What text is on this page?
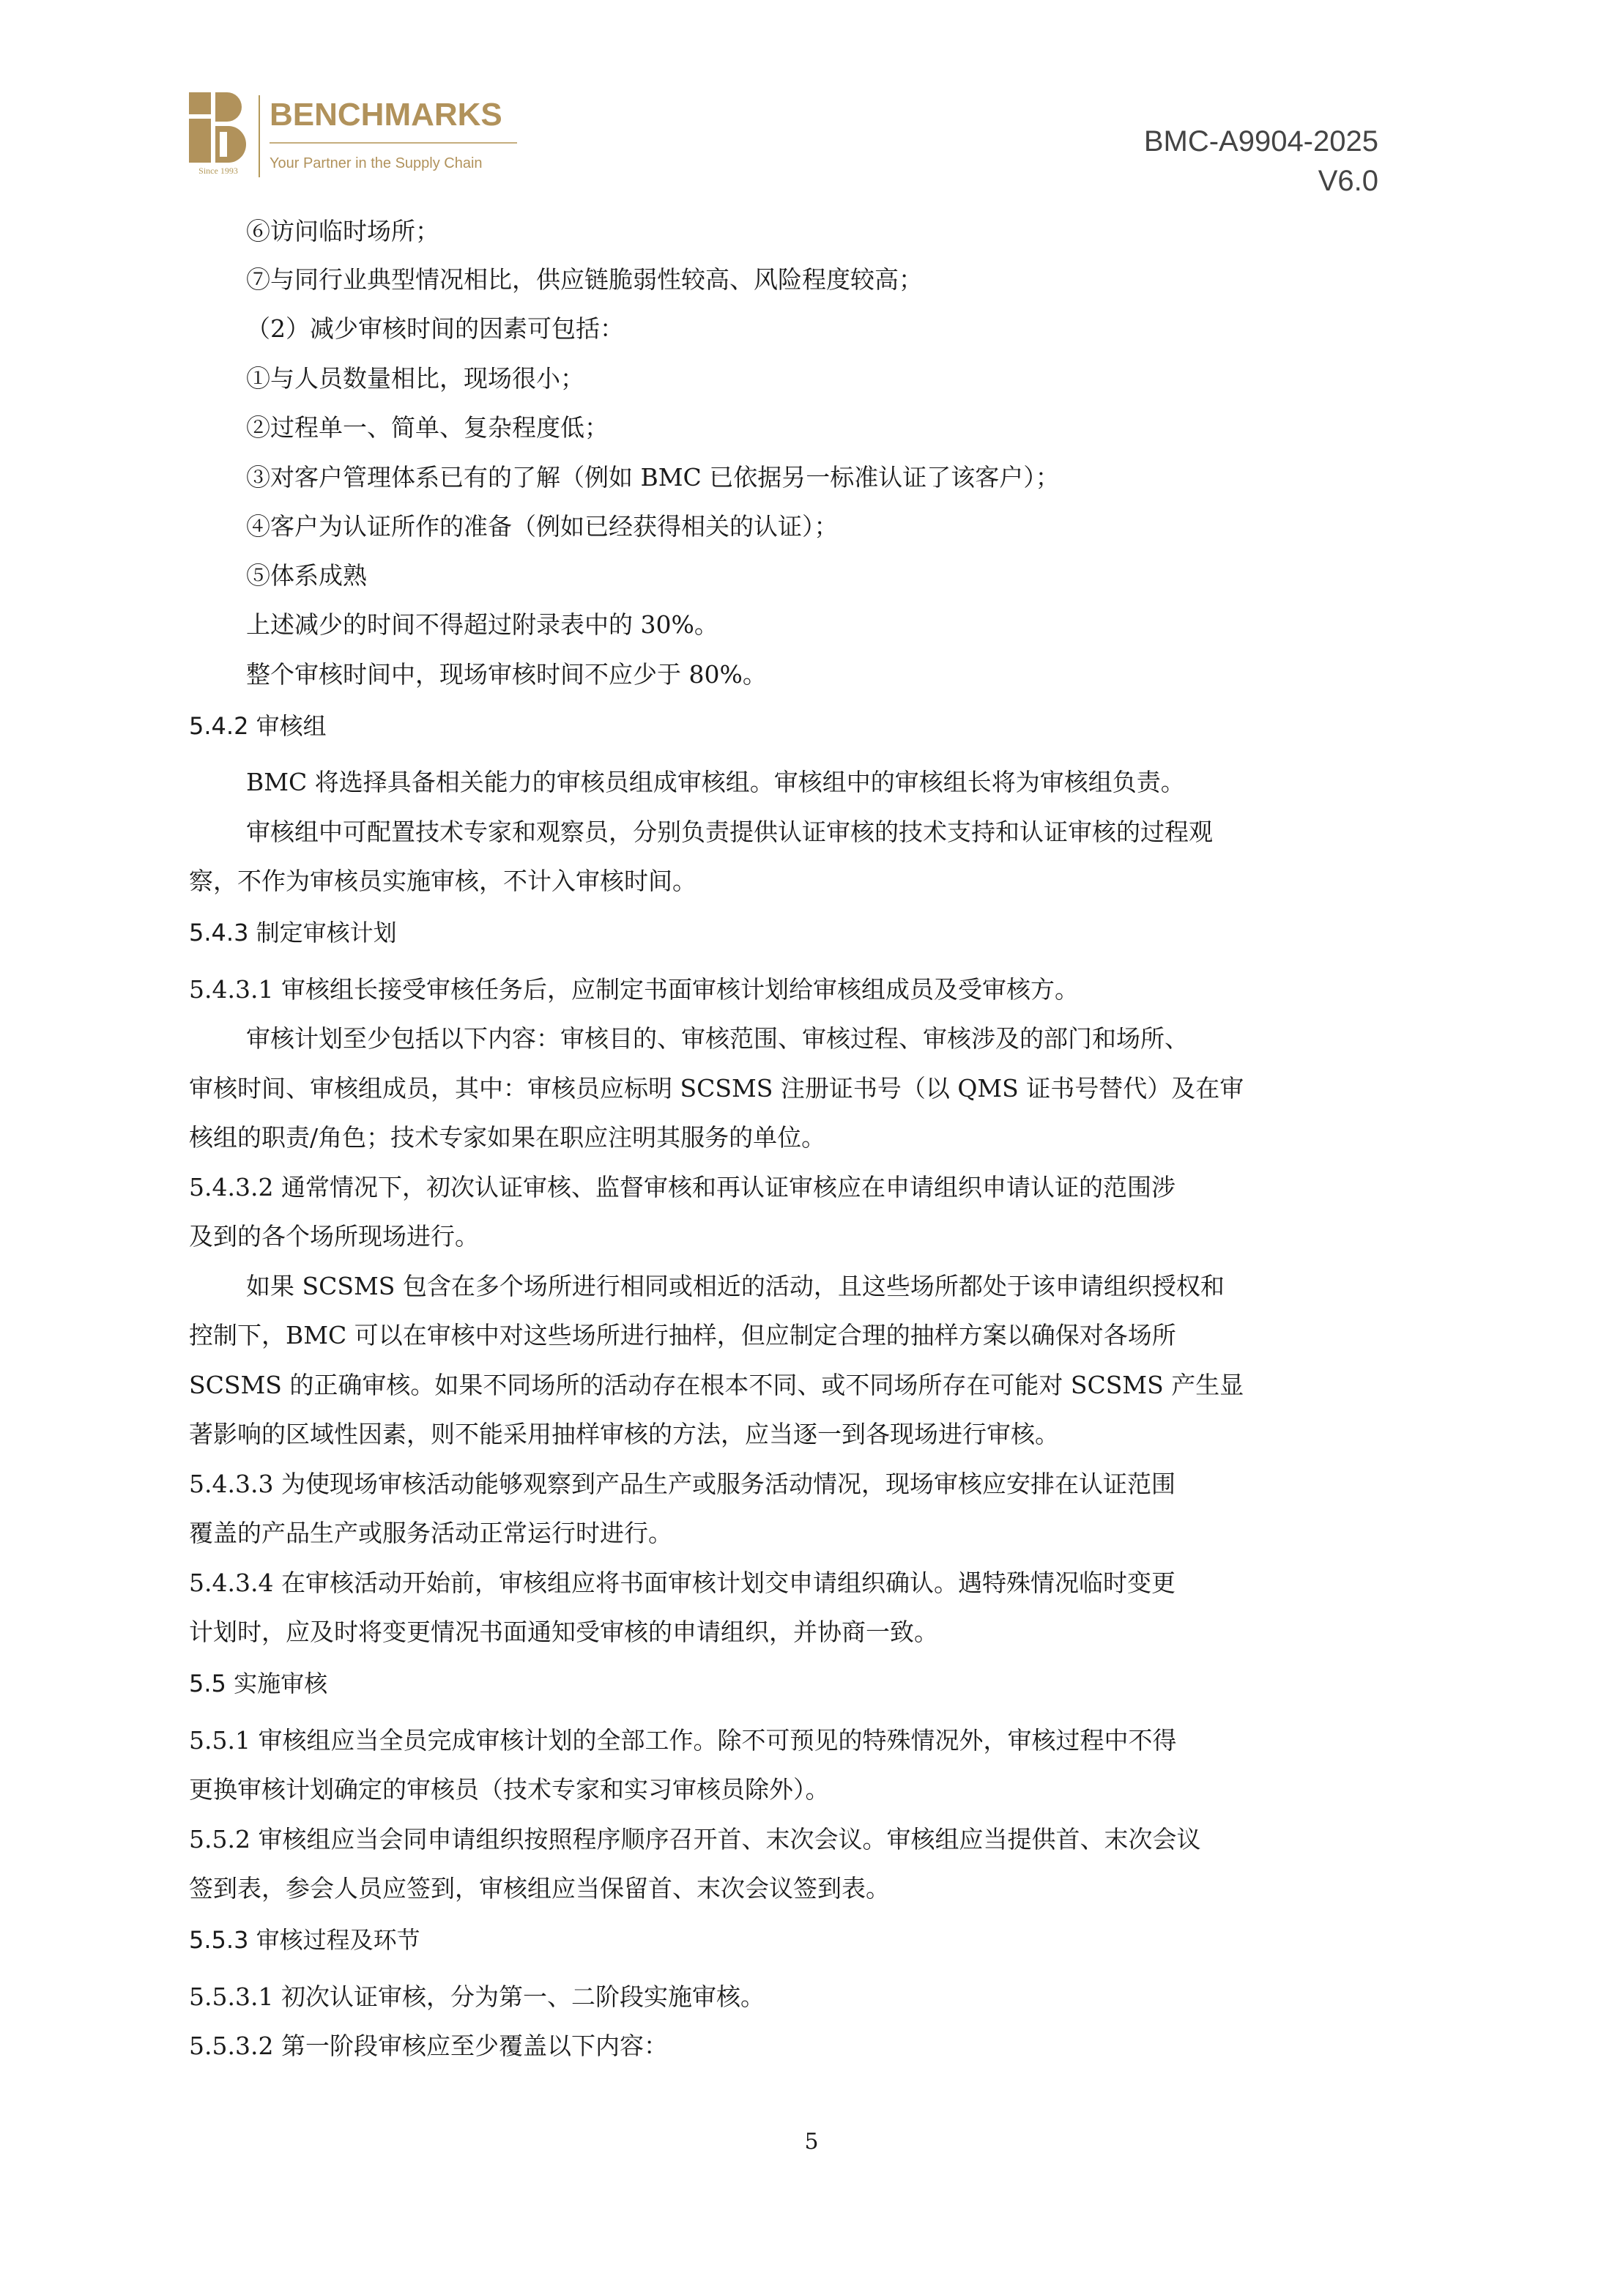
Since 1993
BENCHMARKS
Your Partner in the Supply Chain
BMC-A9904-2025
V6.0
⑥访问临时场所；
⑦与同行业典型情况相比，供应链脆弱性较高、风险程度较高；
（2）减少审核时间的因素可包括：
①与人员数量相比，现场很小；
②过程单一、简单、复杂程度低；
③对客户管理体系已有的了解（例如 BMC 已依据另一标准认证了该客户）；
④客户为认证所作的准备（例如已经获得相关的认证）；
⑤体系成熟
上述减少的时间不得超过附录表中的 30%。
整个审核时间中，现场审核时间不应少于 80%。
5.4.2 审核组
BMC 将选择具备相关能力的审核员组成审核组。审核组中的审核组长将为审核组负责。
审核组中可配置技术专家和观察员，分别负责提供认证审核的技术支持和认证审核的过程观
察，不作为审核员实施审核，不计入审核时间。
5.4.3 制定审核计划
5.4.3.1 审核组长接受审核任务后，应制定书面审核计划给审核组成员及受审核方。
审核计划至少包括以下内容：审核目的、审核范围、审核过程、审核涉及的部门和场所、
审核时间、审核组成员，其中：审核员应标明 SCSMS 注册证书号（以 QMS 证书号替代）及在审
核组的职责/角色；技术专家如果在职应注明其服务的单位。
5.4.3.2 通常情况下，初次认证审核、监督审核和再认证审核应在申请组织申请认证的范围涉
及到的各个场所现场进行。
如果 SCSMS 包含在多个场所进行相同或相近的活动，且这些场所都处于该申请组织授权和
控制下，BMC 可以在审核中对这些场所进行抽样，但应制定合理的抽样方案以确保对各场所
SCSMS 的正确审核。如果不同场所的活动存在根本不同、或不同场所存在可能对 SCSMS 产生显
著影响的区域性因素，则不能采用抽样审核的方法，应当逐一到各现场进行审核。
5.4.3.3 为使现场审核活动能够观察到产品生产或服务活动情况，现场审核应安排在认证范围
覆盖的产品生产或服务活动正常运行时进行。
5.4.3.4 在审核活动开始前，审核组应将书面审核计划交申请组织确认。遇特殊情况临时变更
计划时，应及时将变更情况书面通知受审核的申请组织，并协商一致。
5.5 实施审核
5.5.1 审核组应当全员完成审核计划的全部工作。除不可预见的特殊情况外，审核过程中不得
更换审核计划确定的审核员（技术专家和实习审核员除外）。
5.5.2 审核组应当会同申请组织按照程序顺序召开首、末次会议。审核组应当提供首、末次会议
签到表，参会人员应签到，审核组应当保留首、末次会议签到表。
5.5.3 审核过程及环节
5.5.3.1 初次认证审核，分为第一、二阶段实施审核。
5.5.3.2 第一阶段审核应至少覆盖以下内容：
5
